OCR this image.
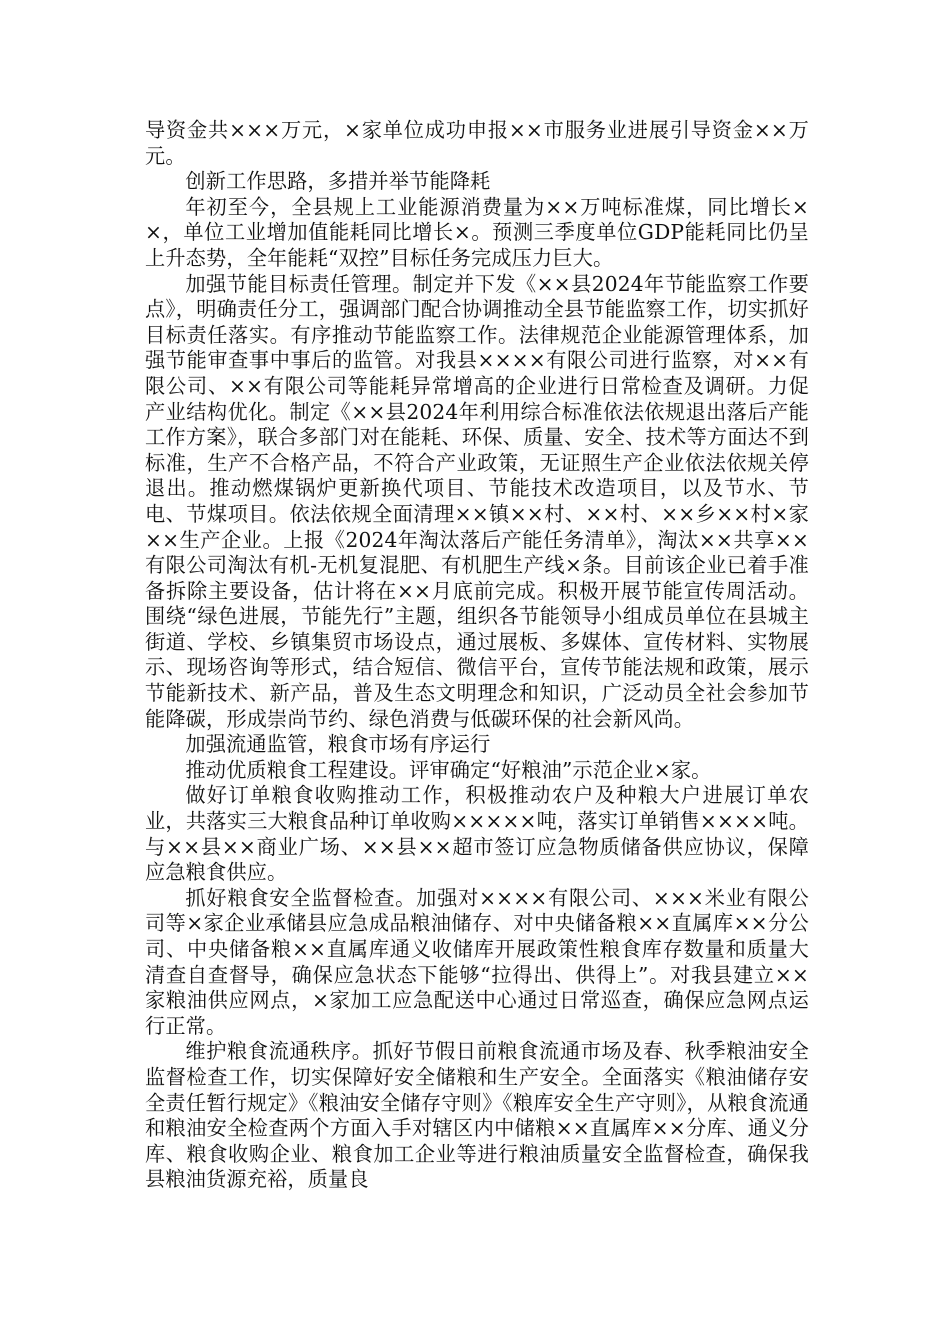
导资金共×××万元，×家单位成功申报××市服务业进展引导资金××万元。

创新工作思路，多措并举节能降耗

年初至今，全县规上工业能源消费量为××万吨标准煤，同比增长××，单位工业增加值能耗同比增长×。预测三季度单位GDP能耗同比仍呈上升态势，全年能耗“双控”目标任务完成压力巨大。

加强节能目标责任管理。制定并下发《××县2024年节能监察工作要点》，明确责任分工，强调部门配合协调推动全县节能监察工作，切实抓好目标责任落实。有序推动节能监察工作。法律规范企业能源管理体系，加强节能审查事中事后的监管。对我县××××有限公司进行监察，对××有限公司、××有限公司等能耗异常增高的企业进行日常检查及调研。力促产业结构优化。制定《××县2024年利用综合标准依法依规退出落后产能工作方案》，联合多部门对在能耗、环保、质量、安全、技术等方面达不到标准，生产不合格产品，不符合产业政策，无证照生产企业依法依规关停退出。推动燃煤锅炉更新换代项目、节能技术改造项目，以及节水、节电、节煤项目。依法依规全面清理××镇××村、××村、××乡××村×家××生产企业。上报《2024年淘汰落后产能任务清单》，淘汰××共享××有限公司淘汰有机-无机复混肥、有机肥生产线×条。目前该企业已着手准备拆除主要设备，估计将在××月底前完成。积极开展节能宣传周活动。围绕“绿色进展，节能先行”主题，组织各节能领导小组成员单位在县城主街道、学校、乡镇集贸市场设点，通过展板、多媒体、宣传材料、实物展示、现场咨询等形式，结合短信、微信平台，宣传节能法规和政策，展示节能新技术、新产品，普及生态文明理念和知识，广泛动员全社会参加节能降碳，形成崇尚节约、绿色消费与低碳环保的社会新风尚。

加强流通监管，粮食市场有序运行

推动优质粮食工程建设。评审确定“好粮油”示范企业×家。

做好订单粮食收购推动工作，积极推动农户及种粮大户进展订单农业，共落实三大粮食品种订单收购×××××吨，落实订单销售××××吨。与××县××商业广场、××县××超市签订应急物质储备供应协议，保障应急粮食供应。

抓好粮食安全监督检查。加强对××××有限公司、×××米业有限公司等×家企业承储县应急成品粮油储存、对中央储备粮××直属库××分公司、中央储备粮××直属库通义收储库开展政策性粮食库存数量和质量大清查自查督导，确保应急状态下能够“拉得出、供得上”。对我县建立××家粮油供应网点，×家加工应急配送中心通过日常巡查，确保应急网点运行正常。

维护粮食流通秩序。抓好节假日前粮食流通市场及春、秋季粮油安全监督检查工作，切实保障好安全储粮和生产安全。全面落实《粮油储存安全责任暂行规定》《粮油安全储存守则》《粮库安全生产守则》，从粮食流通和粮油安全检查两个方面入手对辖区内中储粮××直属库××分库、通义分库、粮食收购企业、粮食加工企业等进行粮油质量安全监督检查，确保我县粮油货源充裕，质量良
